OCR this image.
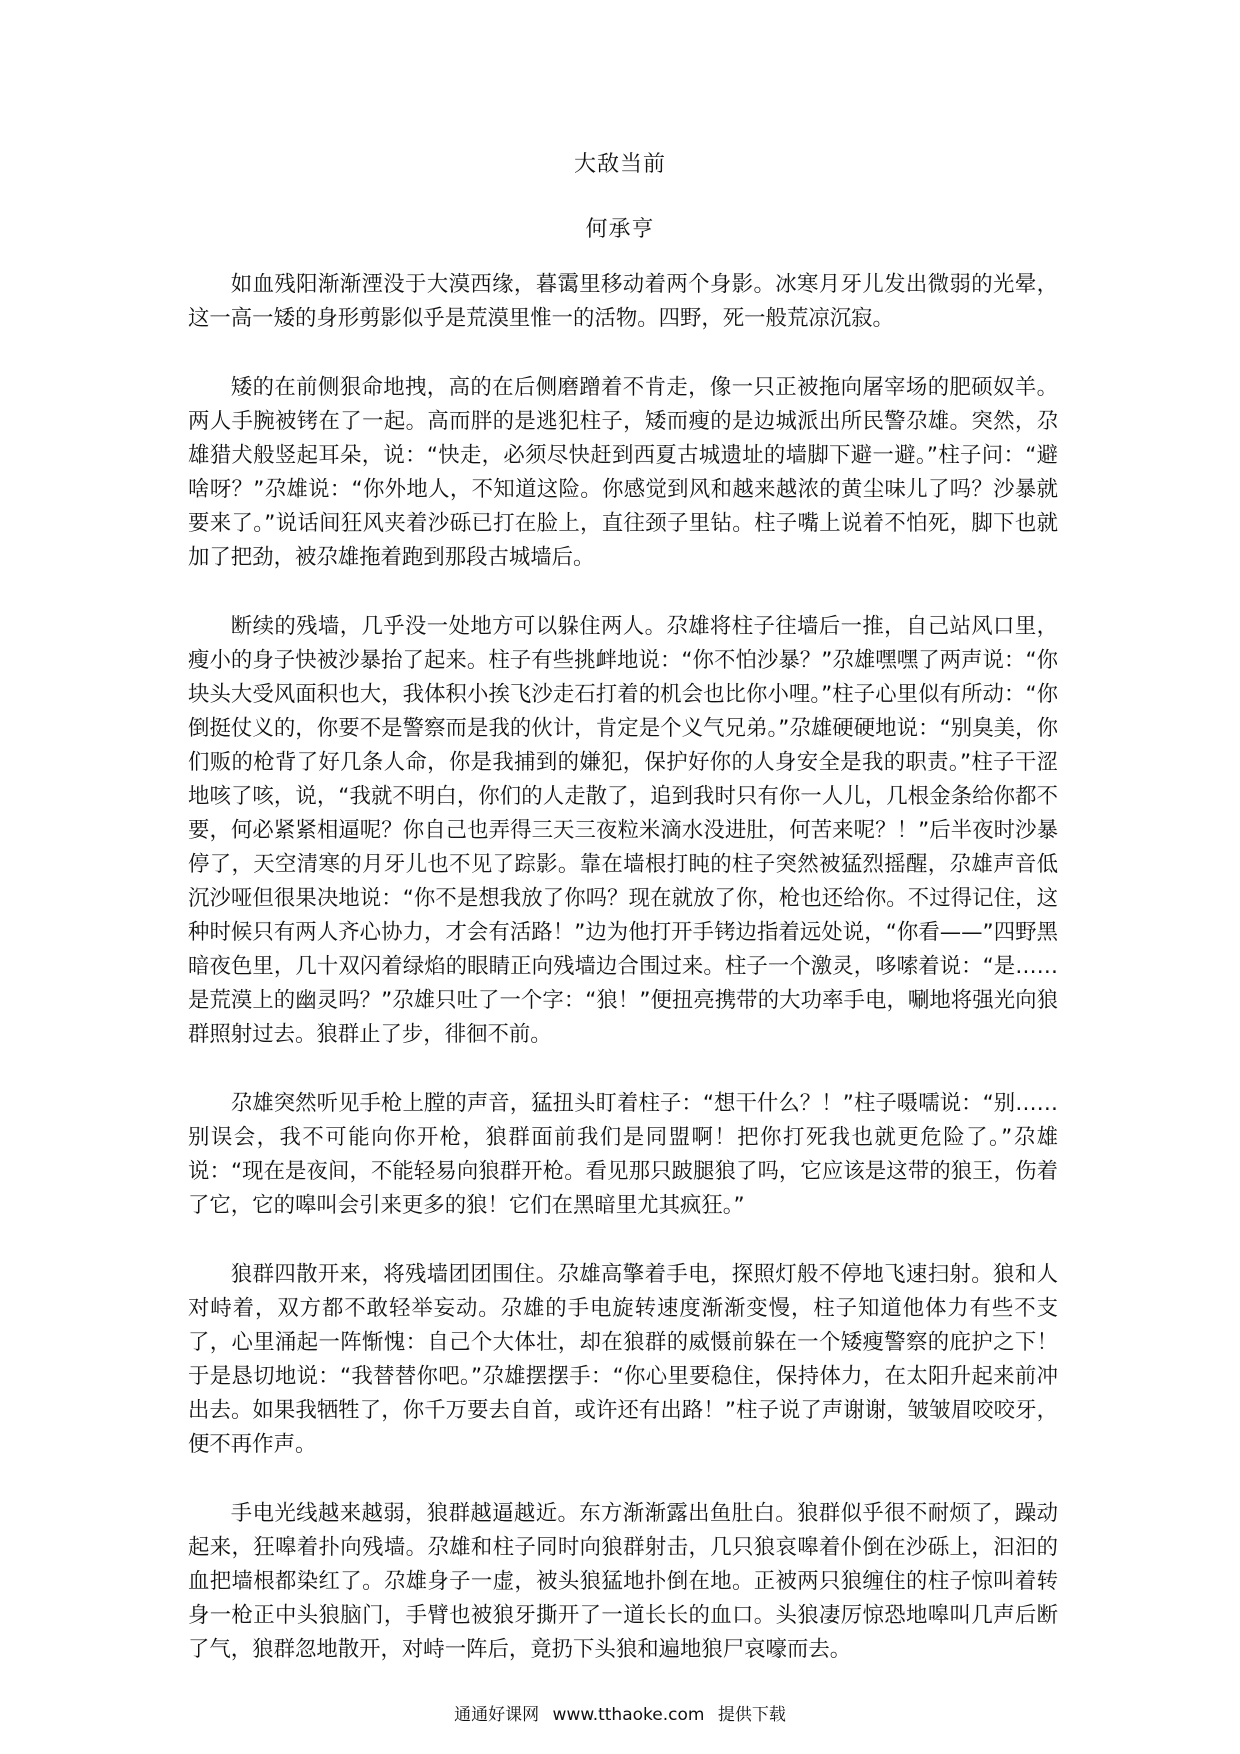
大敌当前
何承亨

如血残阳渐渐湮没于大漠西缘，暮霭里移动着两个身影。冰寒月牙儿发出微弱的光晕，这一高一矮的身形剪影似乎是荒漠里惟一的活物。四野，死一般荒凉沉寂。

矮的在前侧狠命地拽，高的在后侧磨蹭着不肯走，像一只正被拖向屠宰场的肥硕奴羊。两人手腕被铐在了一起。高而胖的是逃犯柱子，矮而瘦的是边城派出所民警尕雄。突然，尕雄猎犬般竖起耳朵，说：“快走，必须尽快赶到西夏古城遗址的墙脚下避一避。”柱子问：“避啥呀？”尕雄说：“你外地人，不知道这险。你感觉到风和越来越浓的黄尘味儿了吗？沙暴就要来了。”说话间狂风夹着沙砾已打在脸上，直往颈子里钻。柱子嘴上说着不怕死，脚下也就加了把劲，被尕雄拖着跑到那段古城墙后。

断续的残墙，几乎没一处地方可以躲住两人。尕雄将柱子往墙后一推，自己站风口里，瘦小的身子快被沙暴抬了起来。柱子有些挑衅地说：“你不怕沙暴？”尕雄嘿嘿了两声说：“你块头大受风面积也大，我体积小挨飞沙走石打着的机会也比你小哩。”柱子心里似有所动：“你倒挺仗义的，你要不是警察而是我的伙计，肯定是个义气兄弟。”尕雄硬硬地说：“别臭美，你们贩的枪背了好几条人命，你是我捕到的嫌犯，保护好你的人身安全是我的职责。”柱子干涩地咳了咳，说，“我就不明白，你们的人走散了，追到我时只有你一人儿，几根金条给你都不要，何必紧紧相逼呢？你自己也弄得三天三夜粒米滴水没进肚，何苦来呢？！”后半夜时沙暴停了，天空清寒的月牙儿也不见了踪影。靠在墙根打盹的柱子突然被猛烈摇醒，尕雄声音低沉沙哑但很果决地说：“你不是想我放了你吗？现在就放了你，枪也还给你。不过得记住，这种时候只有两人齐心协力，才会有活路！”边为他打开手铐边指着远处说，“你看——”四野黑暗夜色里，几十双闪着绿焰的眼睛正向残墙边合围过来。柱子一个激灵，哆嗦着说：“是……是荒漠上的幽灵吗？”尕雄只吐了一个字：“狼！”便扭亮携带的大功率手电，唰地将强光向狼群照射过去。狼群止了步，徘徊不前。

尕雄突然听见手枪上膛的声音，猛扭头盯着柱子：“想干什么？！”柱子嗫嚅说：“别……别误会，我不可能向你开枪，狼群面前我们是同盟啊！把你打死我也就更危险了。”尕雄说：“现在是夜间，不能轻易向狼群开枪。看见那只跛腿狼了吗，它应该是这带的狼王，伤着了它，它的嗥叫会引来更多的狼！它们在黑暗里尤其疯狂。”

狼群四散开来，将残墙团团围住。尕雄高擎着手电，探照灯般不停地飞速扫射。狼和人对峙着，双方都不敢轻举妄动。尕雄的手电旋转速度渐渐变慢，柱子知道他体力有些不支了，心里涌起一阵惭愧：自己个大体壮，却在狼群的威慑前躲在一个矮瘦警察的庇护之下！于是恳切地说：“我替替你吧。”尕雄摆摆手：“你心里要稳住，保持体力，在太阳升起来前冲出去。如果我牺牲了，你千万要去自首，或许还有出路！”柱子说了声谢谢，皱皱眉咬咬牙，便不再作声。

手电光线越来越弱，狼群越逼越近。东方渐渐露出鱼肚白。狼群似乎很不耐烦了，躁动起来，狂嗥着扑向残墙。尕雄和柱子同时向狼群射击，几只狼哀嗥着仆倒在沙砾上，汩汩的血把墙根都染红了。尕雄身子一虚，被头狼猛地扑倒在地。正被两只狼缠住的柱子惊叫着转身一枪正中头狼脑门，手臂也被狼牙撕开了一道长长的血口。头狼凄厉惊恐地嗥叫几声后断了气，狼群忽地散开，对峙一阵后，竟扔下头狼和遍地狼尸哀嚎而去。

通通好课网 www.tthaoke.com 提供下载
